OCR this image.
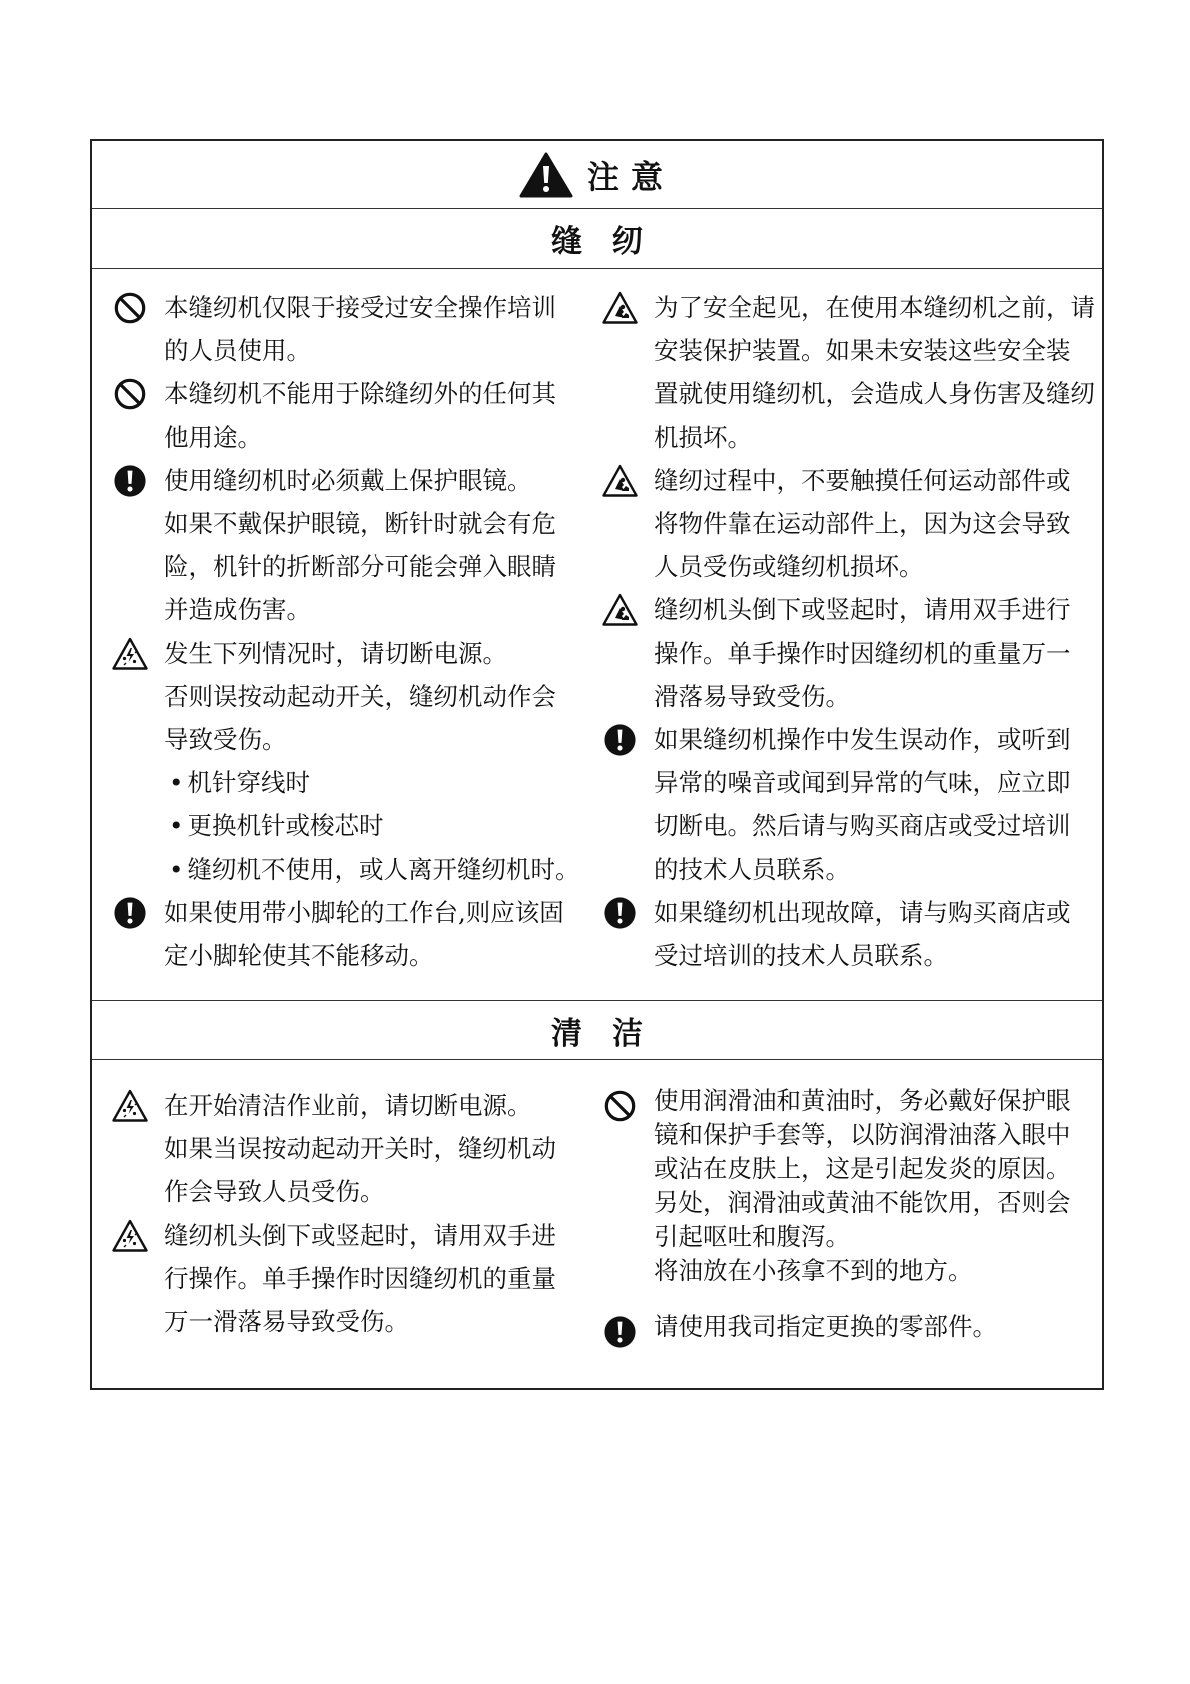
注意
缝纫

本缝纫机仅限于接受过安全操作培训

的人员使用。

本缝纫机不能用于除缝纫外的任何其

他用途。

使用缝纫机时必须戴上保护眼镜。

如果不戴保护眼镜，断针时就会有危

险，机针的折断部分可能会弹入眼睛

并造成伤害。

发生下列情况时，请切断电源。

否则误按动起动开关，缝纫机动作会

导致受伤。

• 机针穿线时

• 更换机针或梭芯时

• 缝纫机不使用，或人离开缝纫机时。

如果使用带小脚轮的工作台,则应该固

定小脚轮使其不能移动。

为了安全起见，在使用本缝纫机之前，请

安装保护装置。如果未安装这些安全装

置就使用缝纫机，会造成人身伤害及缝纫

机损坏。

缝纫过程中，不要触摸任何运动部件或

将物件靠在运动部件上，因为这会导致

人员受伤或缝纫机损坏。

缝纫机头倒下或竖起时，请用双手进行

操作。单手操作时因缝纫机的重量万一

滑落易导致受伤。

如果缝纫机操作中发生误动作，或听到

异常的噪音或闻到异常的气味，应立即

切断电。然后请与购买商店或受过培训

的技术人员联系。

如果缝纫机出现故障，请与购买商店或

受过培训的技术人员联系。

清洁

在开始清洁作业前，请切断电源。

如果当误按动起动开关时，缝纫机动

作会导致人员受伤。

缝纫机头倒下或竖起时，请用双手进

行操作。单手操作时因缝纫机的重量

万一滑落易导致受伤。

使用润滑油和黄油时，务必戴好保护眼

镜和保护手套等，以防润滑油落入眼中

或沾在皮肤上，这是引起发炎的原因。

另处，润滑油或黄油不能饮用，否则会

引起呕吐和腹泻。

将油放在小孩拿不到的地方。

请使用我司指定更换的零部件。
